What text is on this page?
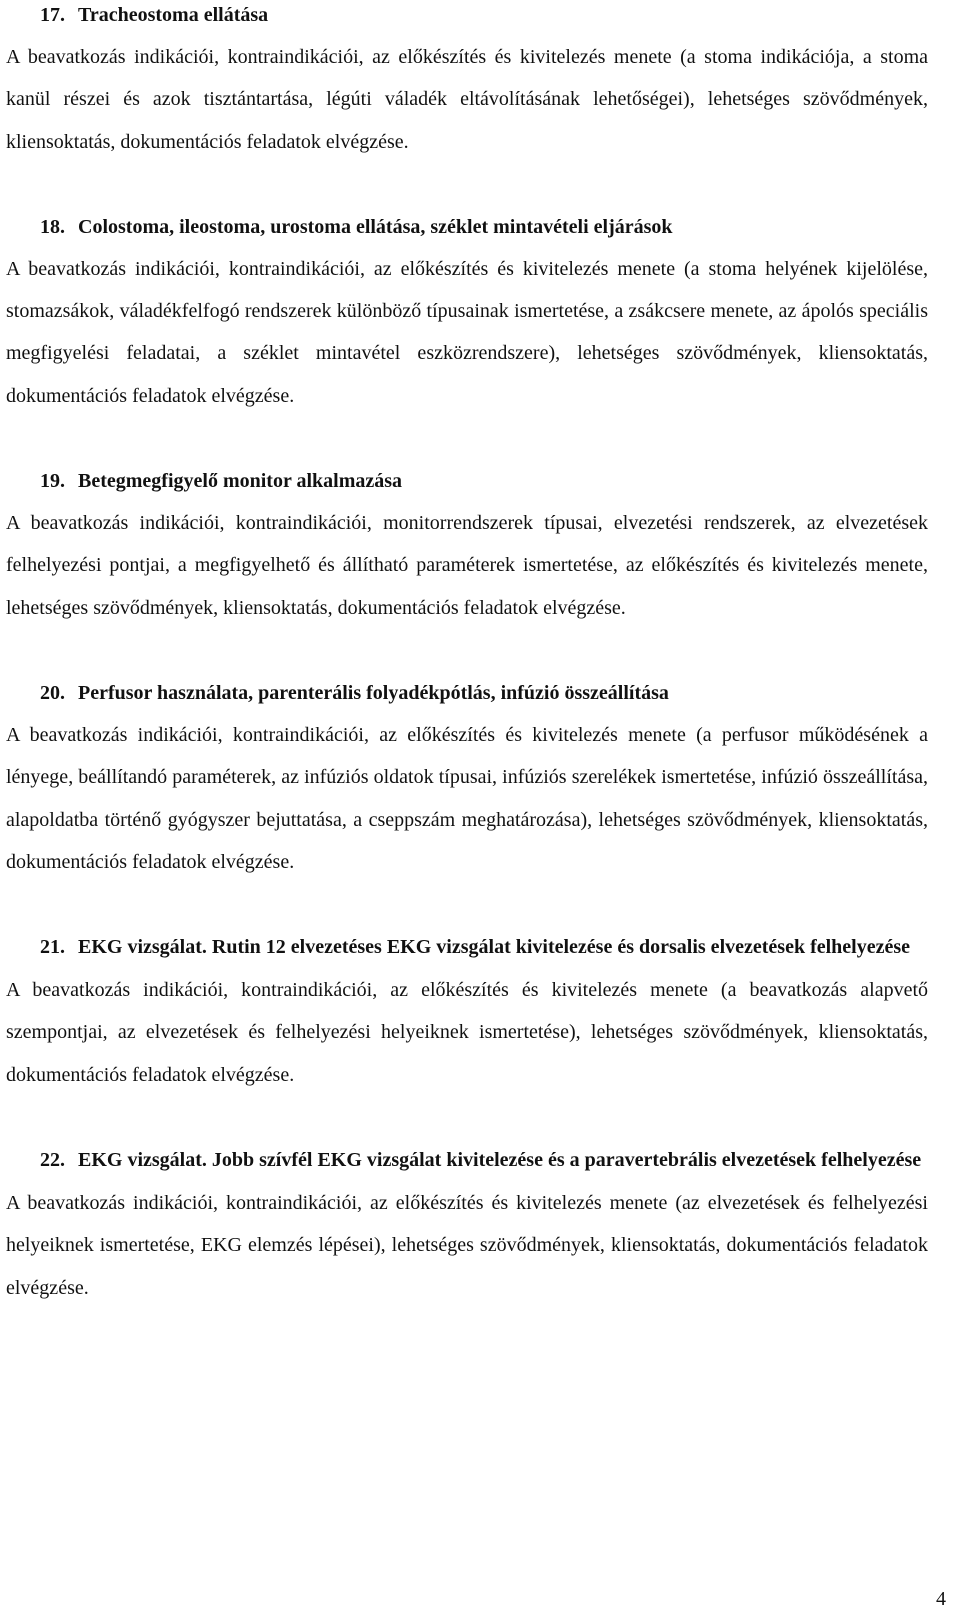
17. Tracheostoma ellátása

A beavatkozás indikációi, kontraindikációi, az előkészítés és kivitelezés menete (a stoma indikációja, a stoma kanül részei és azok tisztántartása, légúti váladék eltávolításának lehetőségei), lehetséges szövődmények, kliensoktatás, dokumentációs feladatok elvégzése.

18. Colostoma, ileostoma, urostoma ellátása, széklet mintavételi eljárások

A beavatkozás indikációi, kontraindikációi, az előkészítés és kivitelezés menete (a stoma helyének kijelölése, stomazsákok, váladékfelfogó rendszerek különböző típusainak ismertetése, a zsákcsere menete, az ápolós speciális megfigyelési feladatai, a széklet mintavétel eszközrendszere), lehetséges szövődmények, kliensoktatás, dokumentációs feladatok elvégzése.

19. Betegmegfigyelő monitor alkalmazása

A beavatkozás indikációi, kontraindikációi, monitorrendszerek típusai, elvezetési rendszerek, az elvezetések felhelyezési pontjai, a megfigyelhető és állítható paraméterek ismertetése, az előkészítés és kivitelezés menete, lehetséges szövődmények, kliensoktatás, dokumentációs feladatok elvégzése.

20. Perfusor használata, parenterális folyadékpótlás, infúzió összeállítása

A beavatkozás indikációi, kontraindikációi, az előkészítés és kivitelezés menete (a perfusor működésének a lényege, beállítandó paraméterek, az infúziós oldatok típusai, infúziós szerelékek ismertetése, infúzió összeállítása, alapoldatba történő gyógyszer bejuttatása, a cseppszám meghatározása), lehetséges szövődmények, kliensoktatás, dokumentációs feladatok elvégzése.

21. EKG vizsgálat. Rutin 12 elvezetéses EKG vizsgálat kivitelezése és dorsalis elvezetések felhelyezése

A beavatkozás indikációi, kontraindikációi, az előkészítés és kivitelezés menete (a beavatkozás alapvető szempontjai, az elvezetések és felhelyezési helyeiknek ismertetése), lehetséges szövődmények, kliensoktatás, dokumentációs feladatok elvégzése.

22. EKG vizsgálat. Jobb szívfél EKG vizsgálat kivitelezése és a paravertebrális elvezetések felhelyezése

A beavatkozás indikációi, kontraindikációi, az előkészítés és kivitelezés menete (az elvezetések és felhelyezési helyeiknek ismertetése, EKG elemzés lépései), lehetséges szövődmények, kliensoktatás, dokumentációs feladatok elvégzése.

4
